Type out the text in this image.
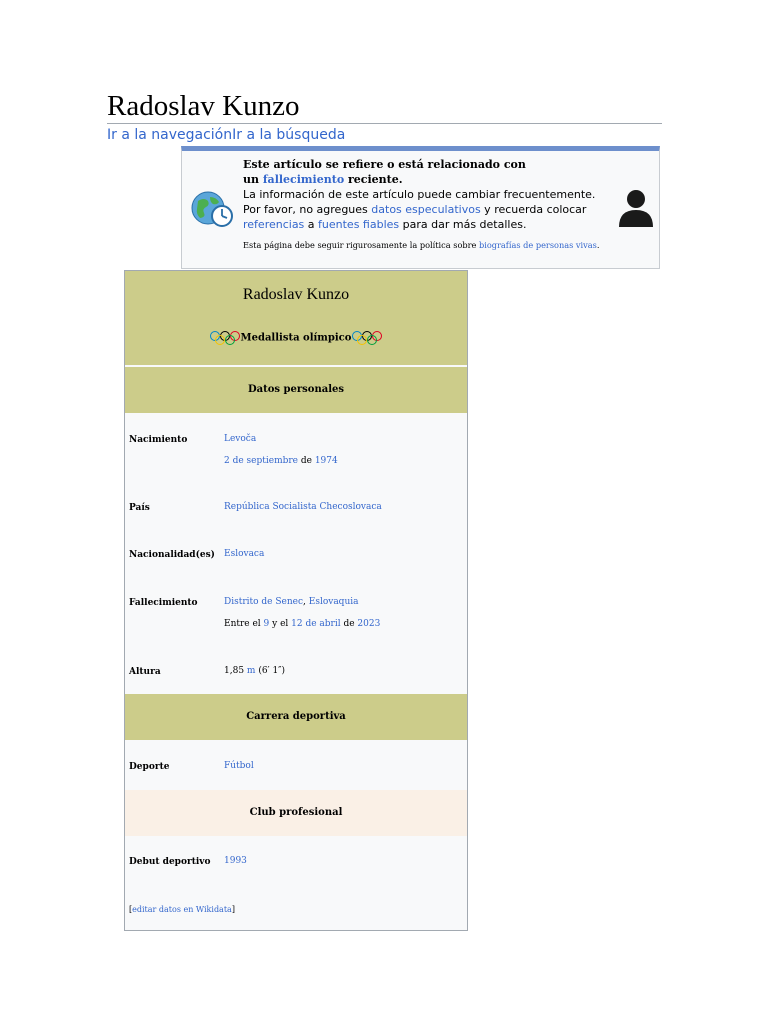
Radoslav Kunzo
Ir a la navegaciónIr a la búsqueda
Este artículo se refiere o está relacionado con
un fallecimiento reciente.
La información de este artículo puede cambiar frecuentemente. Por favor, no agregues datos especulativos y recuerda colocar referencias a fuentes fiables para dar más detalles.
Esta página debe seguir rigurosamente la política sobre biografías de personas vivas.
Radoslav Kunzo
Medallista olímpico
Datos personales
Nacimiento	Levoča
2 de septiembre de 1974
País	República Socialista Checoslovaca
Nacionalidad(es) Eslovaca
Fallecimiento	Distrito de Senec, Eslovaquia
Entre el 9 y el 12 de abril de 2023
Altura	1,85 m (6′ 1″)
Carrera deportiva
Deporte	Fútbol
Club profesional
Debut deportivo 1993
[editar datos en Wikidata]
